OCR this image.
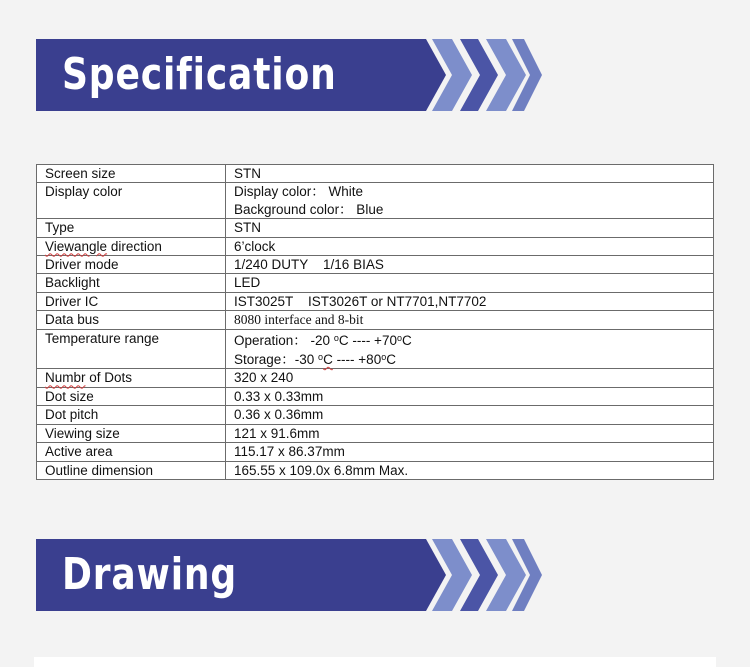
Specification
Screen size	STN
Display color	Display color： White
Background color： Blue

Type	STN
Viewangle direction	6’clock
Driver mode	1/240 DUTY    1/16 BIAS
Backlight	LED
Driver IC	IST3025T    IST3026T or NT7701,NT7702
Data bus	8080 interface and 8-bit
Temperature range	Operation： -20 $^o$C ---- $+70^oC$
Storage：-30 $^o$C ---- $+80^oC$

Numbr of Dots	320 x 240
Dot size	0.33 x 0.33mm
Dot pitch	0.36 x 0.36mm
Viewing size	121 x 91.6mm
Active area	115.17 x 86.37mm
Outline dimension	165.55 x 109.0x 6.8mm Max.
Drawing
